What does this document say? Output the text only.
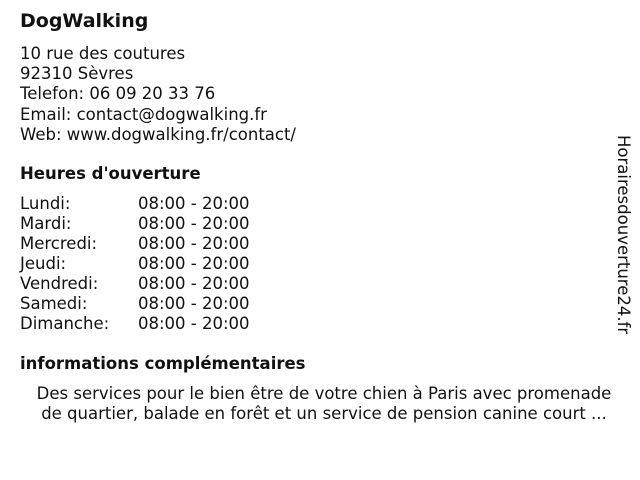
DogWalking
10 rue des coutures
92310 Sèvres
Telefon: 06 09 20 33 76
Email: contact@dogwalking.fr
Web: www.dogwalking.fr/contact/
Heures d'ouverture
Lundi:	08:00 - 20:00
Mardi:	08:00 - 20:00
Mercredi: 08:00 - 20:00
Jeudi:	08:00 - 20:00
Vendredi: 08:00 - 20:00
Samedi:	08:00 - 20:00
Dimanche: 08:00 - 20:00
informations complémentaires
Des services pour le bien être de votre chien à Paris avec promenade
de quartier, balade en forêt et un service de pension canine court ...
Horairesdouverture24.fr
